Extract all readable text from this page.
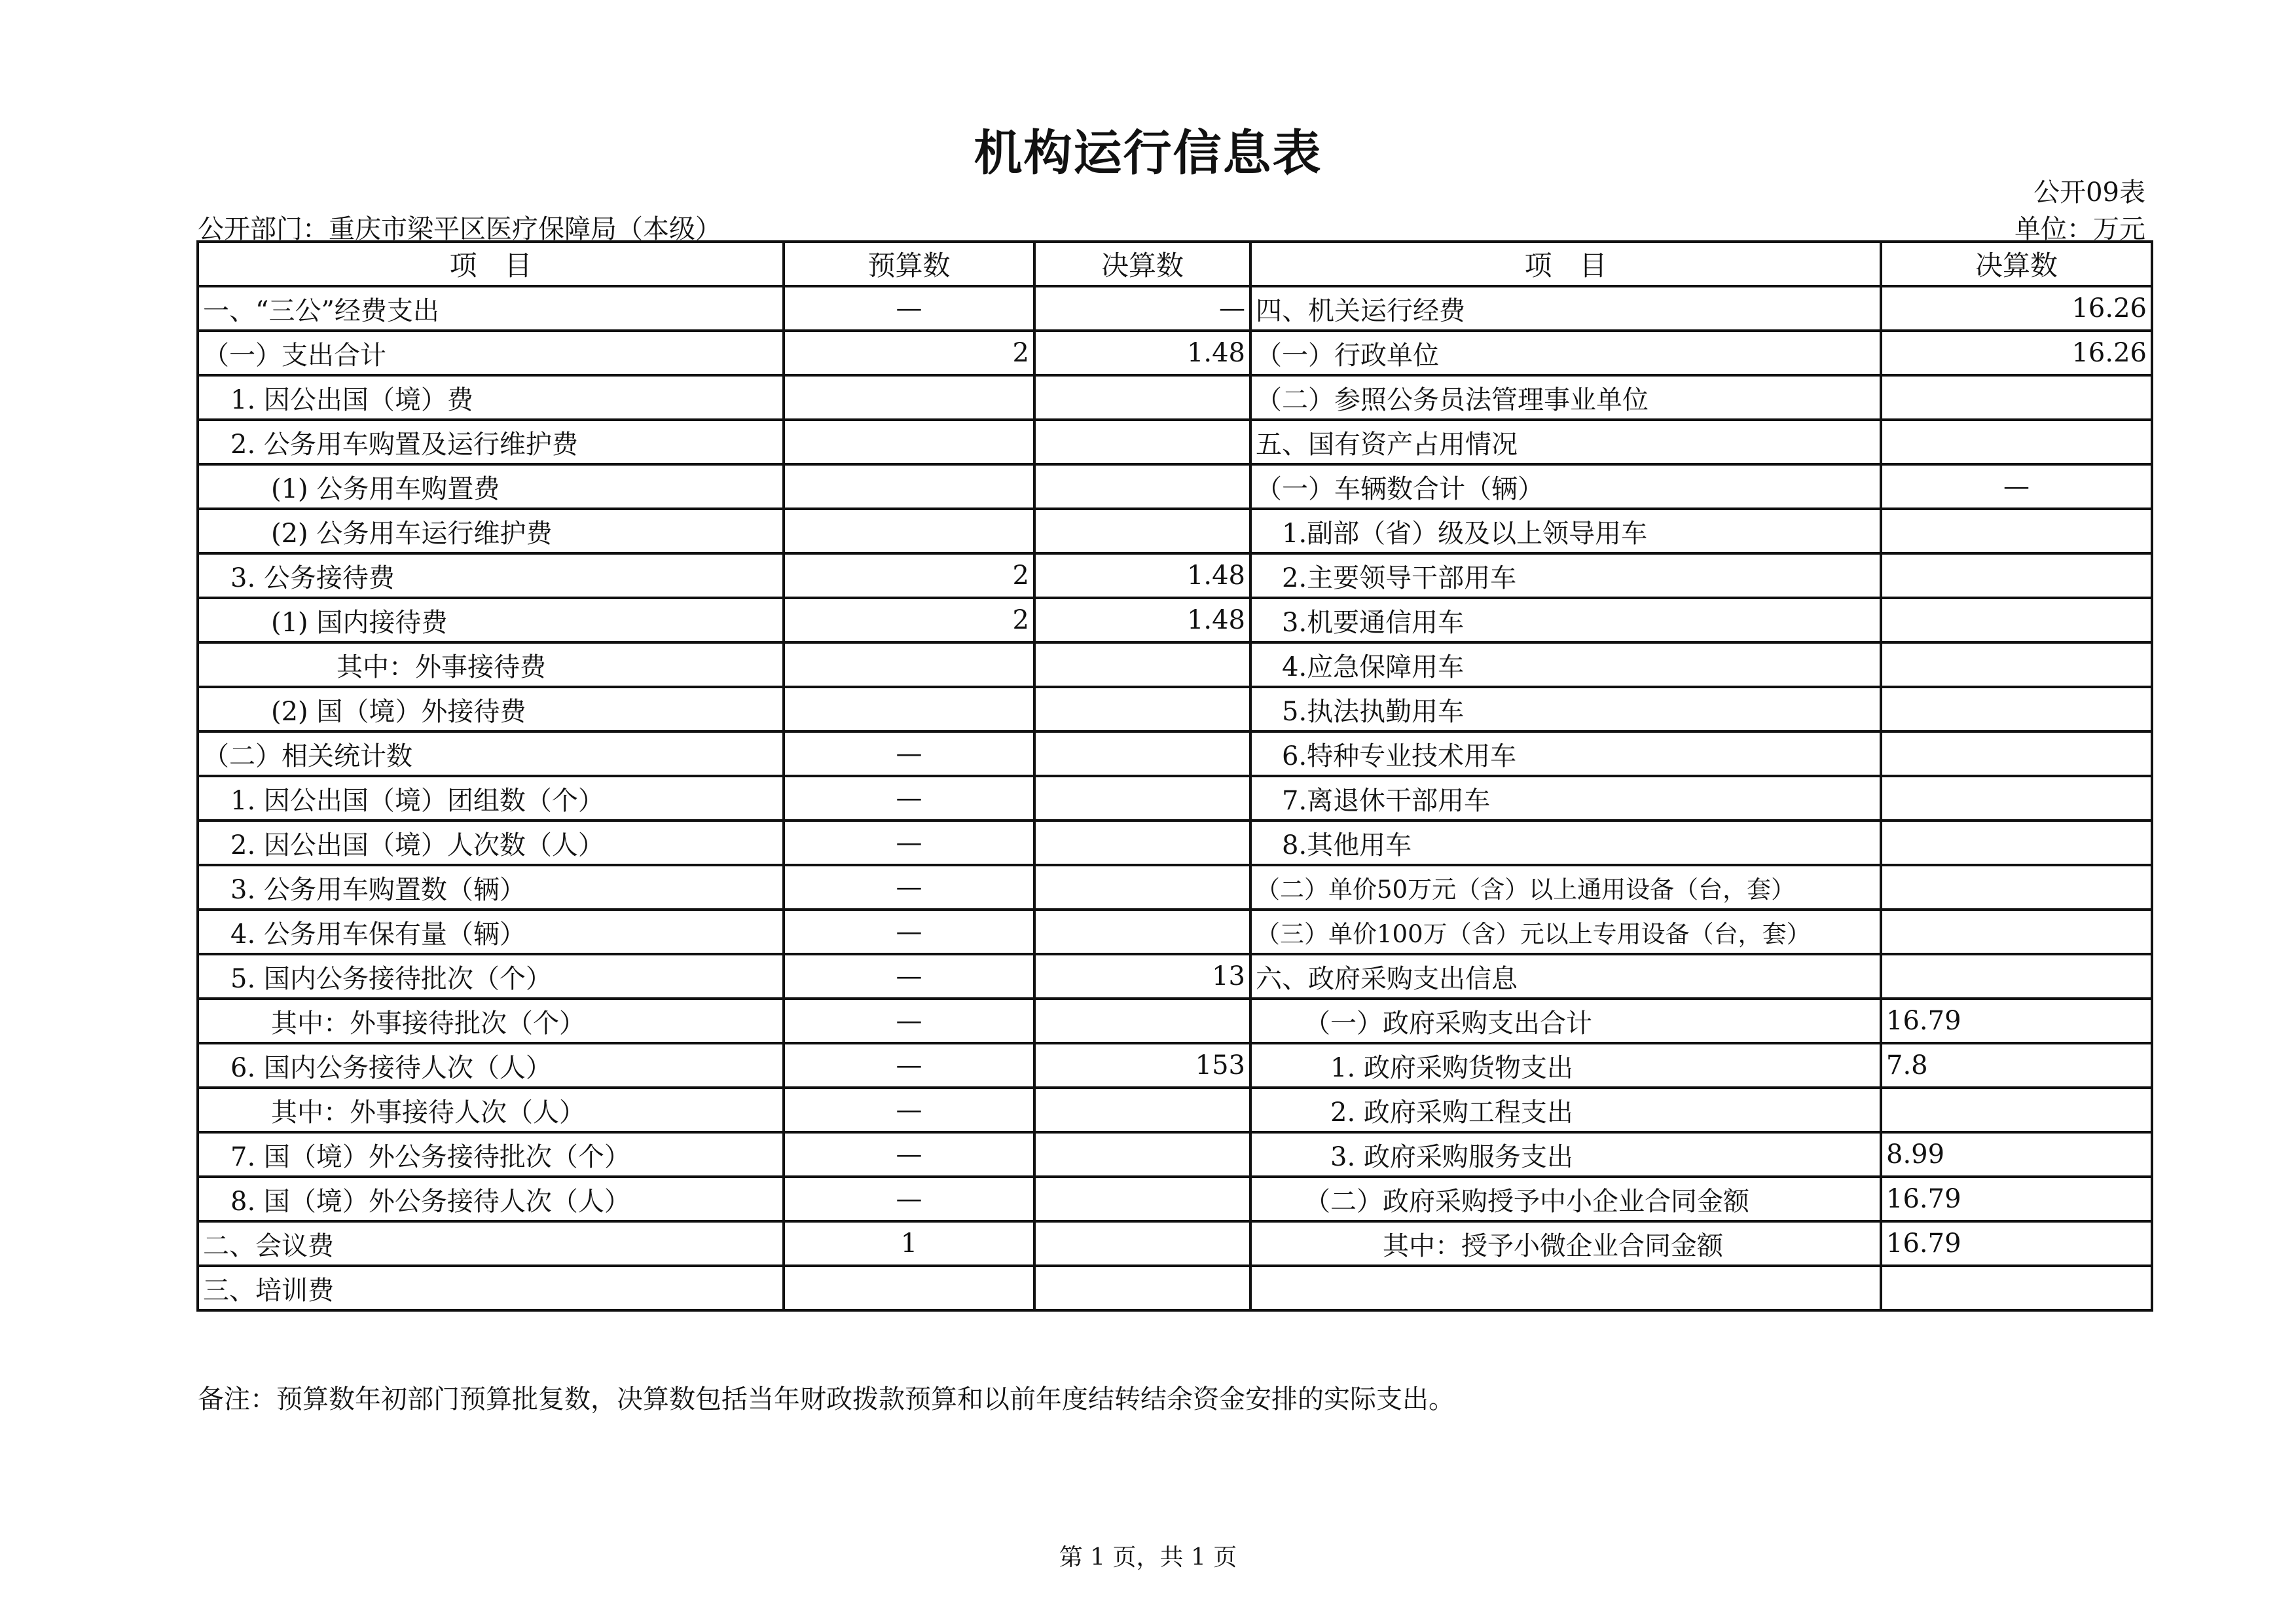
机构运行信息表
公开09表
公开部门：重庆市梁平区医疗保障局（本级）	单位：万元
项　目	预算数	决算数	项　目	决算数
一、“三公”经费支出	—	—	四、机关运行经费	16.26
（一）支出合计	2	1.48	（一）行政单位	16.26
1. 因公出国（境）费			（二）参照公务员法管理事业单位	
2. 公务用车购置及运行维护费			五、国有资产占用情况	
(1) 公务用车购置费			（一）车辆数合计（辆）	—
(2) 公务用车运行维护费			1.副部（省）级及以上领导用车	
3. 公务接待费	2	1.48	2.主要领导干部用车	
(1) 国内接待费	2	1.48	3.机要通信用车	
其中：外事接待费			4.应急保障用车	
(2) 国（境）外接待费			5.执法执勤用车	
（二）相关统计数	—		6.特种专业技术用车	
1. 因公出国（境）团组数（个）	—		7.离退休干部用车	
2. 因公出国（境）人次数（人）	—		8.其他用车	
3. 公务用车购置数（辆）	—		（二）单价50万元（含）以上通用设备（台，套）	
4. 公务用车保有量（辆）	—		（三）单价100万（含）元以上专用设备（台，套）	
5. 国内公务接待批次（个）	—	13	六、政府采购支出信息	
其中：外事接待批次（个）	—		（一）政府采购支出合计	16.79
6. 国内公务接待人次（人）	—	153	1. 政府采购货物支出	7.8
其中：外事接待人次（人）	—		2. 政府采购工程支出	
7. 国（境）外公务接待批次（个）	—		3. 政府采购服务支出	8.99
8. 国（境）外公务接待人次（人）	—		（二）政府采购授予中小企业合同金额	16.79
二、会议费	1		其中：授予小微企业合同金额	16.79
三、培训费				
备注：预算数年初部门预算批复数，决算数包括当年财政拨款预算和以前年度结转结余资金安排的实际支出。
第 1 页，共 1 页
